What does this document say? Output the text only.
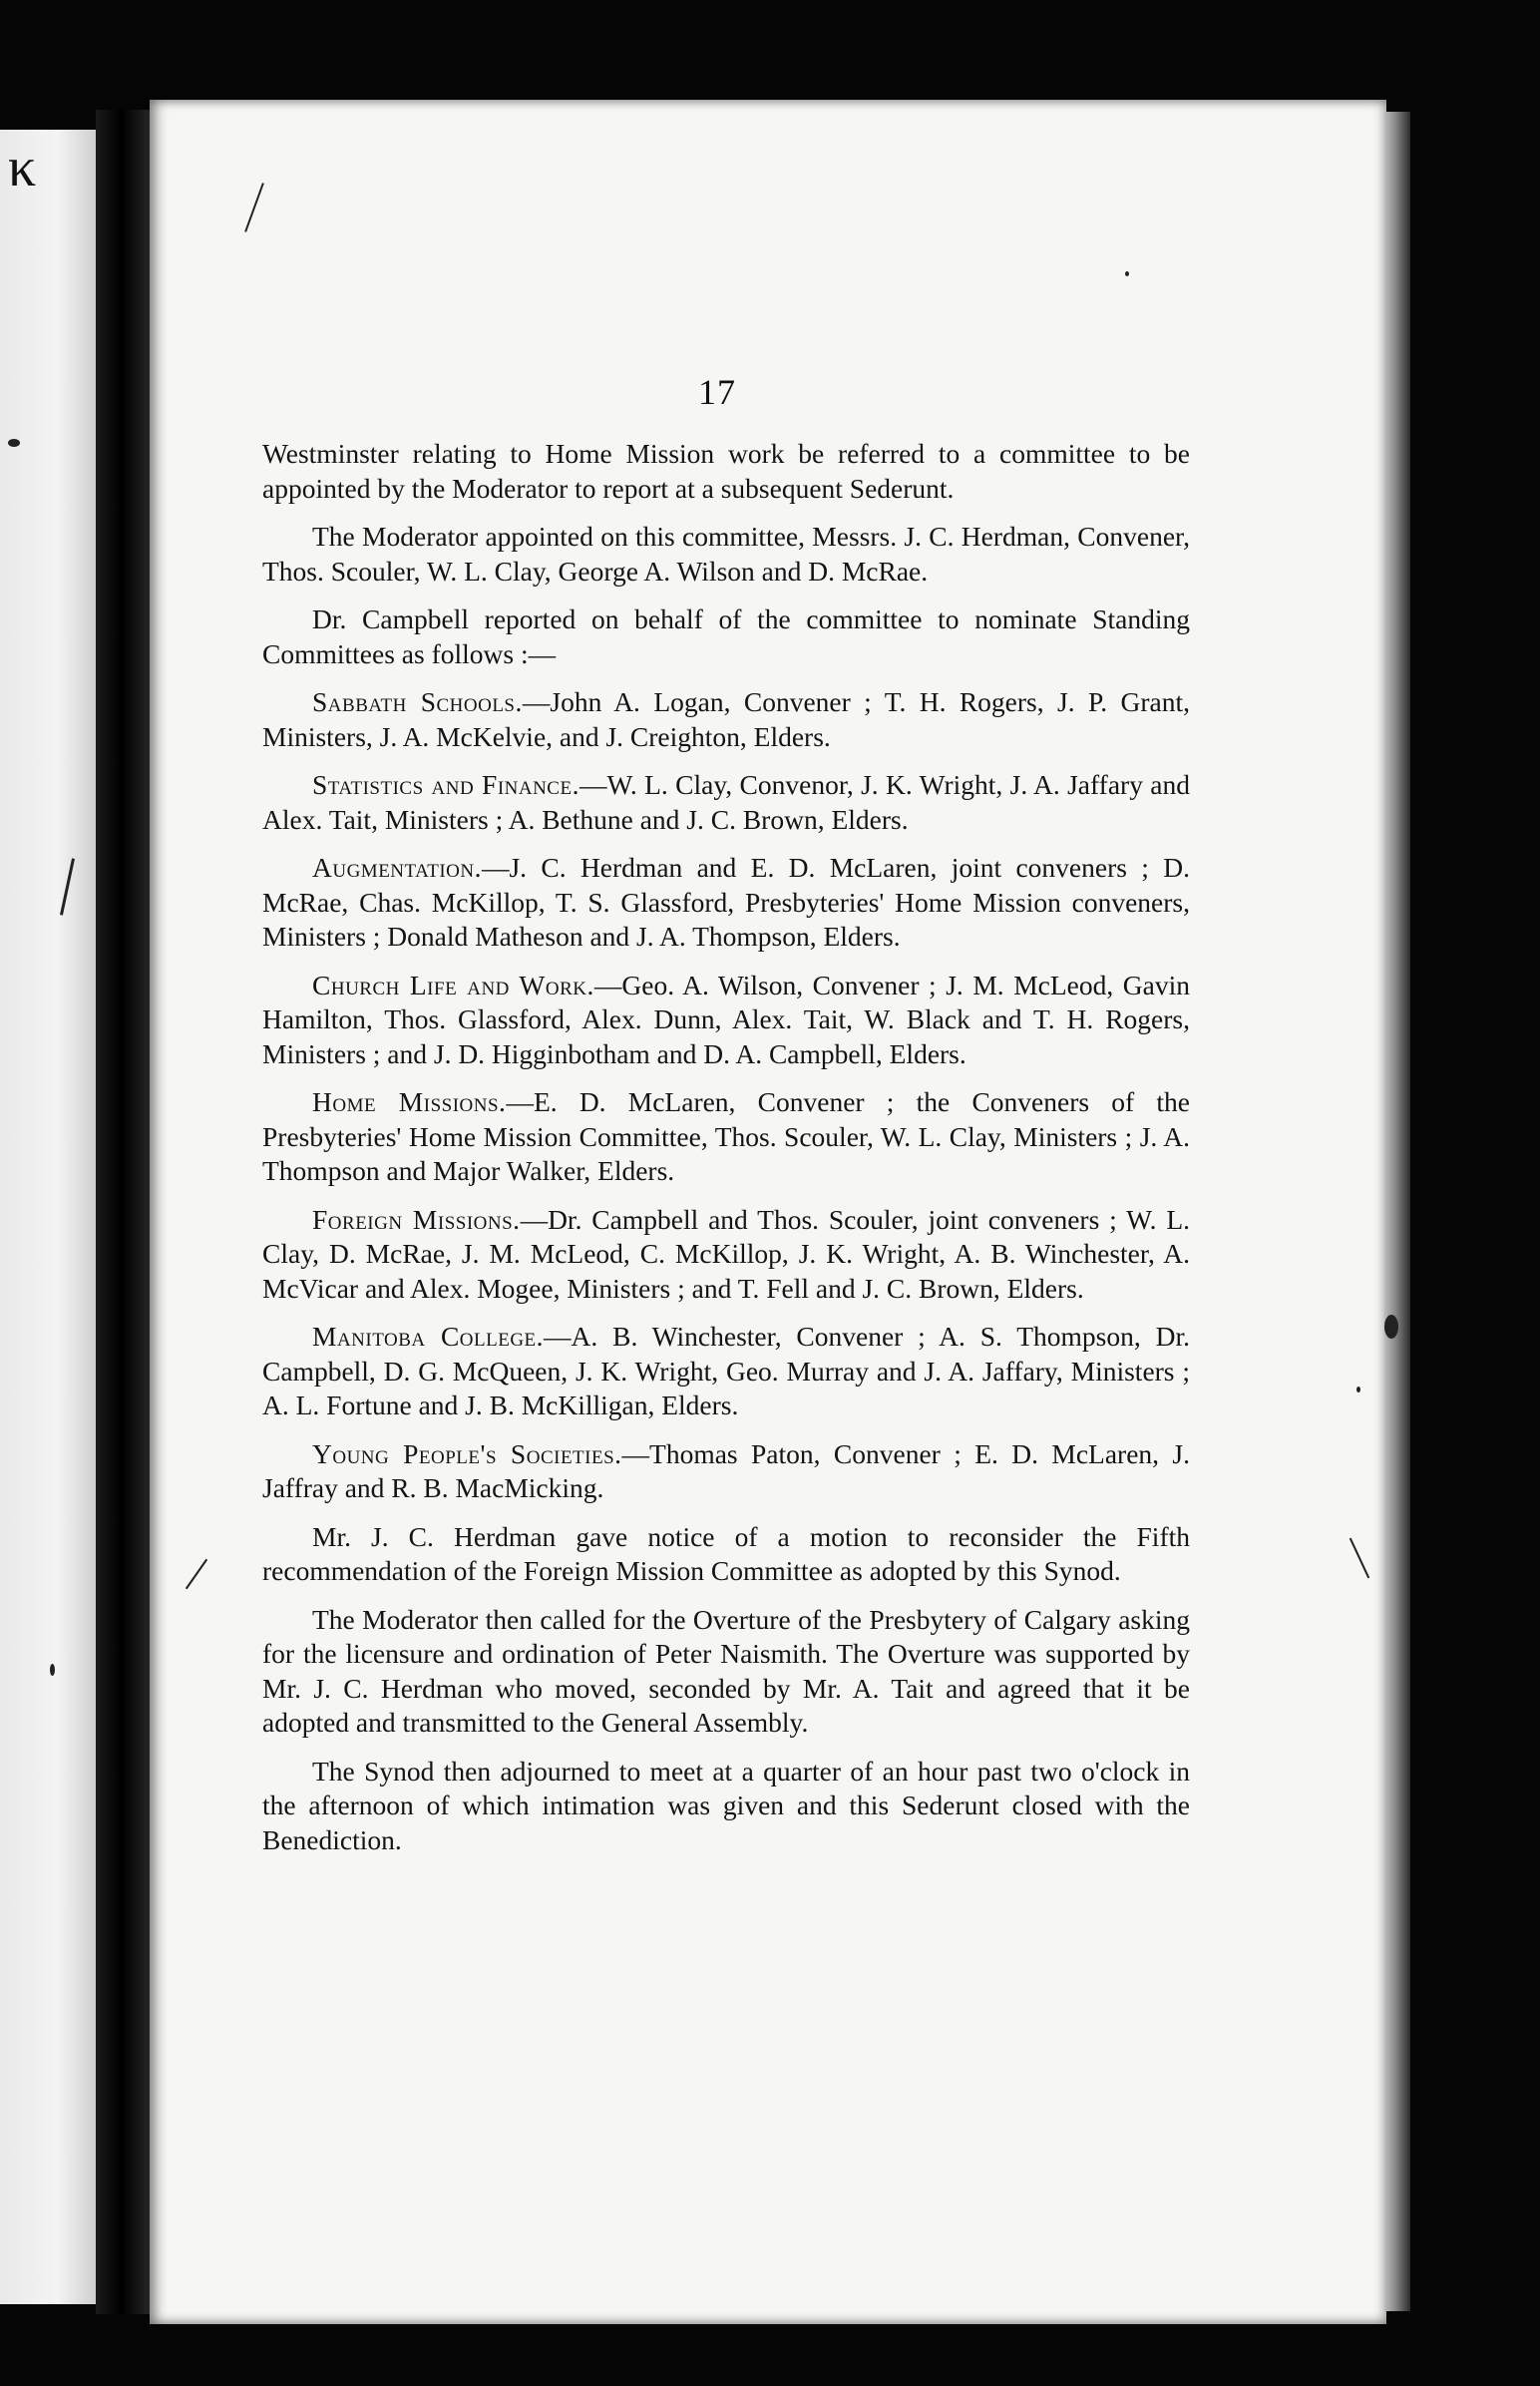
κ
17

Westminster relating to Home Mission work be referred to a committee to be appointed by the Moderator to report at a subsequent Sederunt.

The Moderator appointed on this committee, Messrs. J. C. Herdman, Convener, Thos. Scouler, W. L. Clay, George A. Wilson and D. McRae.

Dr. Campbell reported on behalf of the committee to nominate Standing Committees as follows :—

Sabbath Schools.—John A. Logan, Convener ; T. H. Rogers, J. P. Grant, Ministers, J. A. McKelvie, and J. Creighton, Elders.

Statistics and Finance.—W. L. Clay, Convenor, J. K. Wright, J. A. Jaffary and Alex. Tait, Ministers ; A. Bethune and J. C. Brown, Elders.

Augmentation.—J. C. Herdman and E. D. McLaren, joint conveners ; D. McRae, Chas. McKillop, T. S. Glassford, Presbyteries' Home Mission conveners, Ministers ; Donald Matheson and J. A. Thompson, Elders.

Church Life and Work.—Geo. A. Wilson, Convener ; J. M. McLeod, Gavin Hamilton, Thos. Glassford, Alex. Dunn, Alex. Tait, W. Black and T. H. Rogers, Ministers ; and J. D. Higginbotham and D. A. Campbell, Elders.

Home Missions.—E. D. McLaren, Convener ; the Conveners of the Presbyteries' Home Mission Committee, Thos. Scouler, W. L. Clay, Ministers ; J. A. Thompson and Major Walker, Elders.

Foreign Missions.—Dr. Campbell and Thos. Scouler, joint conveners ; W. L. Clay, D. McRae, J. M. McLeod, C. McKillop, J. K. Wright, A. B. Winchester, A. McVicar and Alex. Mogee, Ministers ; and T. Fell and J. C. Brown, Elders.

Manitoba College.—A. B. Winchester, Convener ; A. S. Thompson, Dr. Campbell, D. G. McQueen, J. K. Wright, Geo. Murray and J. A. Jaffary, Ministers ; A. L. Fortune and J. B. McKilligan, Elders.

Young People's Societies.—Thomas Paton, Convener ; E. D. McLaren, J. Jaffray and R. B. MacMicking.

Mr. J. C. Herdman gave notice of a motion to reconsider the Fifth recommendation of the Foreign Mission Committee as adopted by this Synod.

The Moderator then called for the Overture of the Presbytery of Calgary asking for the licensure and ordination of Peter Naismith. The Overture was supported by Mr. J. C. Herdman who moved, seconded by Mr. A. Tait and agreed that it be adopted and transmitted to the General Assembly.

The Synod then adjourned to meet at a quarter of an hour past two o'clock in the afternoon of which intimation was given and this Sederunt closed with the Benediction.
